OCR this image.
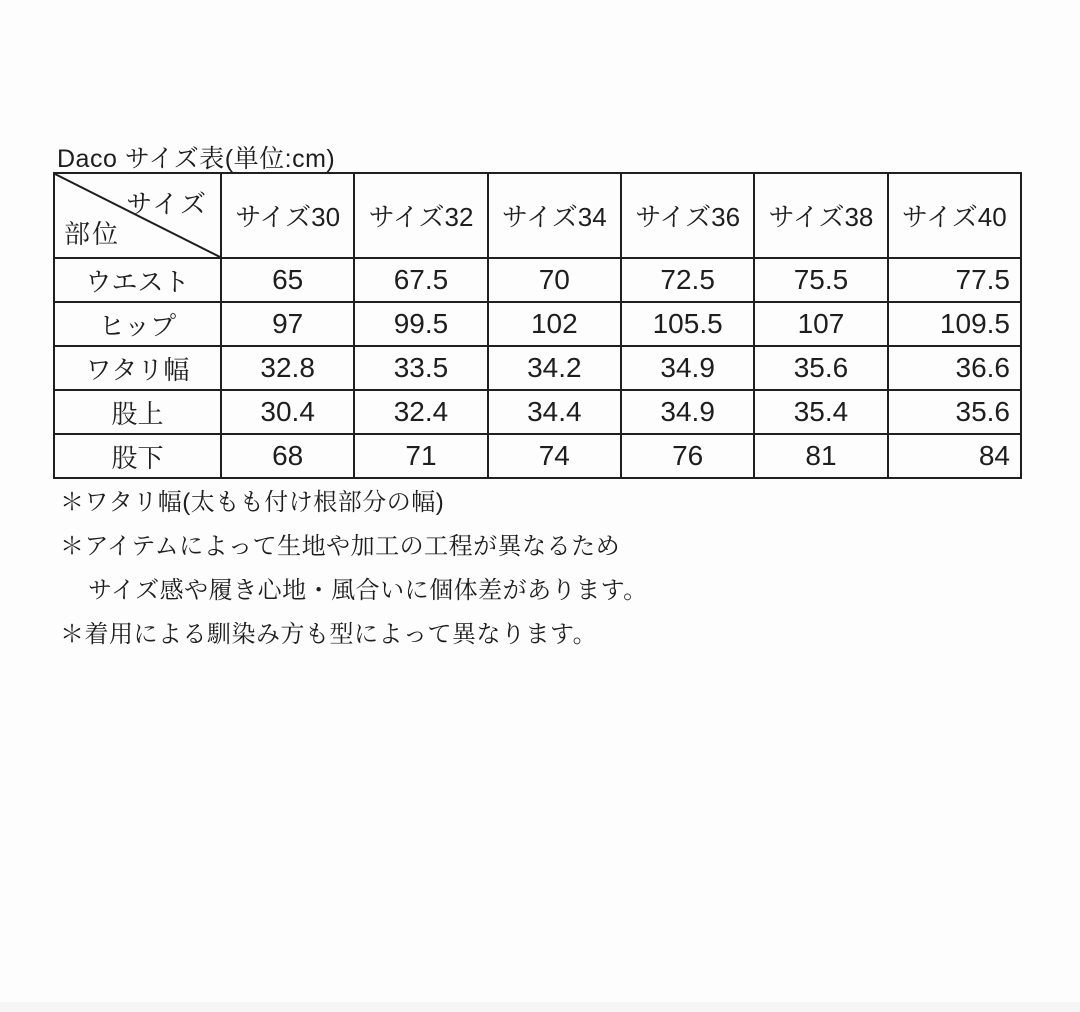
Daco サイズ表(単位:cm)
サイズ
部位	サイズ30	サイズ32	サイズ34	サイズ36	サイズ38	サイズ40
ウエスト	65	67.5	70	72.5	75.5	77.5
ヒップ	97	99.5	102	105.5	107	109.5
ワタリ幅	32.8	33.5	34.2	34.9	35.6	36.6
股上	30.4	32.4	34.4	34.9	35.4	35.6
股下	68	71	74	76	81	84
＊ワタリ幅(太もも付け根部分の幅)
＊アイテムによって生地や加工の工程が異なるため
サイズ感や履き心地・風合いに個体差があります。
＊着用による馴染み方も型によって異なります。
